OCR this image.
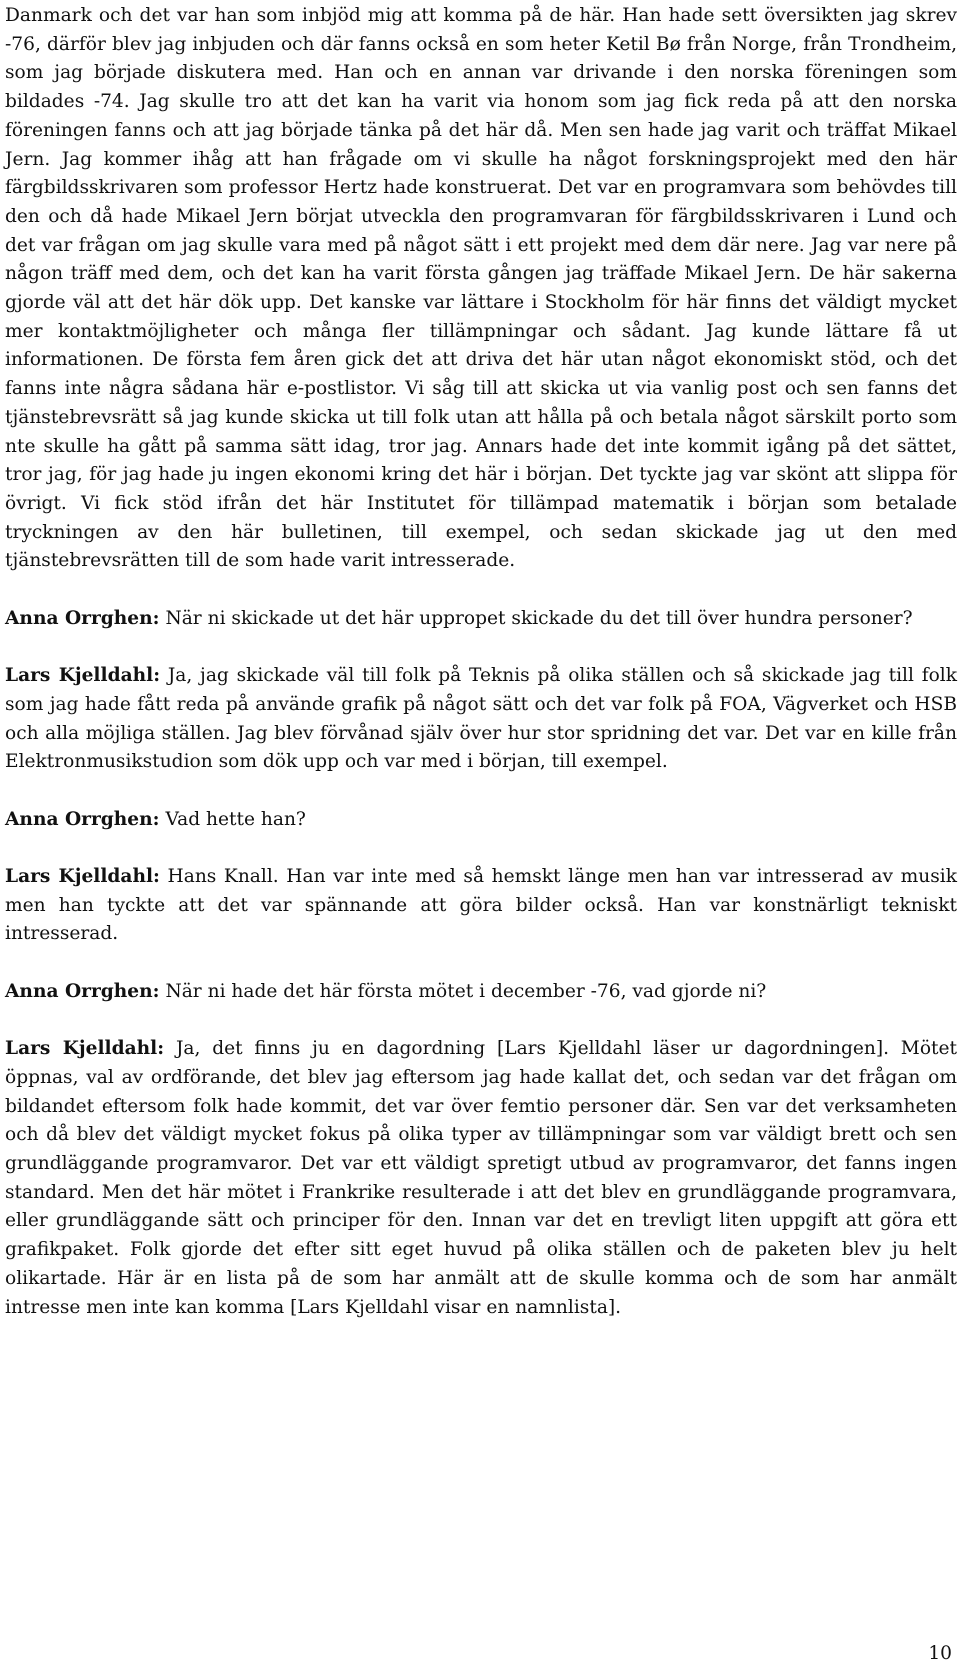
Danmark och det var han som inbjöd mig att komma på de här. Han hade sett översikten jag skrev -76, därför blev jag inbjuden och där fanns också en som heter Ketil Bø från Norge, från Trondheim, som jag började diskutera med. Han och en annan var drivande i den norska föreningen som bildades -74. Jag skulle tro att det kan ha varit via honom som jag fick reda på att den norska föreningen fanns och att jag började tänka på det här då. Men sen hade jag varit och träffat Mikael Jern. Jag kommer ihåg att han frågade om vi skulle ha något forskningsprojekt med den här färgbildsskrivaren som professor Hertz hade konstruerat. Det var en programvara som behövdes till den och då hade Mikael Jern börjat utveckla den programvaran för färgbildsskrivaren i Lund och det var frågan om jag skulle vara med på något sätt i ett projekt med dem där nere. Jag var nere på någon träff med dem, och det kan ha varit första gången jag träffade Mikael Jern. De här sakerna gjorde väl att det här dök upp. Det kanske var lättare i Stockholm för här finns det väldigt mycket mer kontaktmöjligheter och många fler tillämpningar och sådant. Jag kunde lättare få ut informationen. De första fem åren gick det att driva det här utan något ekonomiskt stöd, och det fanns inte några sådana här e-postlistor. Vi såg till att skicka ut via vanlig post och sen fanns det tjänstebrevsrätt så jag kunde skicka ut till folk utan att hålla på och betala något särskilt porto som nte skulle ha gått på samma sätt idag, tror jag. Annars hade det inte kommit igång på det sättet, tror jag, för jag hade ju ingen ekonomi kring det här i början. Det tyckte jag var skönt att slippa för övrigt. Vi fick stöd ifrån det här Institutet för tillämpad matematik i början som betalade tryckningen av den här bulletinen, till exempel, och sedan skickade jag ut den med tjänstebrevsrätten till de som hade varit intresserade.

Anna Orrghen: När ni skickade ut det här uppropet skickade du det till över hundra personer?

Lars Kjelldahl: Ja, jag skickade väl till folk på Teknis på olika ställen och så skickade jag till folk som jag hade fått reda på använde grafik på något sätt och det var folk på FOA, Vägverket och HSB och alla möjliga ställen. Jag blev förvånad själv över hur stor spridning det var. Det var en kille från Elektronmusikstudion som dök upp och var med i början, till exempel.

Anna Orrghen: Vad hette han?

Lars Kjelldahl: Hans Knall. Han var inte med så hemskt länge men han var intresserad av musik men han tyckte att det var spännande att göra bilder också. Han var konstnärligt tekniskt intresserad.

Anna Orrghen: När ni hade det här första mötet i december -76, vad gjorde ni?

Lars Kjelldahl: Ja, det finns ju en dagordning [Lars Kjelldahl läser ur dagordningen]. Mötet öppnas, val av ordförande, det blev jag eftersom jag hade kallat det, och sedan var det frågan om bildandet eftersom folk hade kommit, det var över femtio personer där. Sen var det verksamheten och då blev det väldigt mycket fokus på olika typer av tillämpningar som var väldigt brett och sen grundläggande programvaror. Det var ett väldigt spretigt utbud av programvaror, det fanns ingen standard. Men det här mötet i Frankrike resulterade i att det blev en grundläggande programvara, eller grundläggande sätt och principer för den. Innan var det en trevligt liten uppgift att göra ett grafikpaket. Folk gjorde det efter sitt eget huvud på olika ställen och de paketen blev ju helt olikartade. Här är en lista på de som har anmält att de skulle komma och de som har anmält intresse men inte kan komma [Lars Kjelldahl visar en namnlista].

10
